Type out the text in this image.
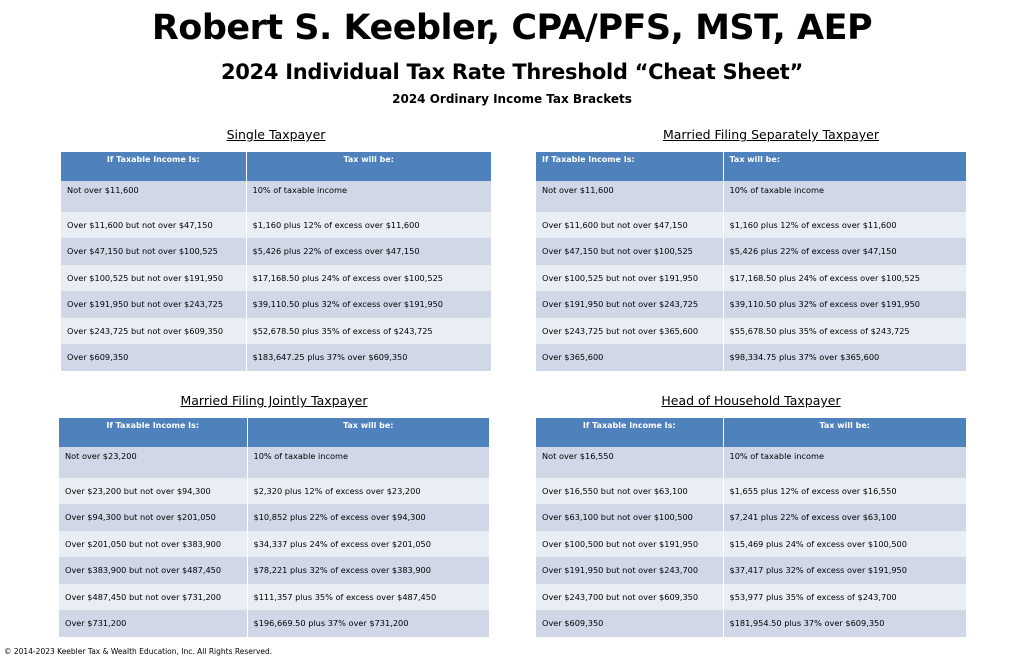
Robert S. Keebler, CPA/PFS, MST, AEP
2024 Individual Tax Rate Threshold “Cheat Sheet”
2024 Ordinary Income Tax Brackets
Single Taxpayer
If Taxable Income Is:	Tax will be:
Not over $11,600	10% of taxable income
Over $11,600 but not over $47,150	$1,160 plus 12% of excess over $11,600
Over $47,150 but not over $100,525	$5,426 plus 22% of excess over $47,150
Over $100,525 but not over $191,950	$17,168.50 plus 24% of excess over $100,525
Over $191,950 but not over $243,725	$39,110.50 plus 32% of excess over $191,950
Over $243,725 but not over $609,350	$52,678.50 plus 35% of excess of $243,725
Over $609,350	$183,647.25 plus 37% over $609,350
Married Filing Separately Taxpayer
If Taxable Income Is:	Tax will be:
Not over $11,600	10% of taxable income
Over $11,600 but not over $47,150	$1,160 plus 12% of excess over $11,600
Over $47,150 but not over $100,525	$5,426 plus 22% of excess over $47,150
Over $100,525 but not over $191,950	$17,168.50 plus 24% of excess over $100,525
Over $191,950 but not over $243,725	$39,110.50 plus 32% of excess over $191,950
Over $243,725 but not over $365,600	$55,678.50 plus 35% of excess of $243,725
Over $365,600	$98,334.75 plus 37% over $365,600
Married Filing Jointly Taxpayer
If Taxable Income Is:	Tax will be:
Not over $23,200	10% of taxable income
Over $23,200 but not over $94,300	$2,320 plus 12% of excess over $23,200
Over $94,300 but not over $201,050	$10,852 plus 22% of excess over $94,300
Over $201,050 but not over $383,900	$34,337 plus 24% of excess over $201,050
Over $383,900 but not over $487,450	$78,221 plus 32% of excess over $383,900
Over $487,450 but not over $731,200	$111,357 plus 35% of excess over $487,450
Over $731,200	$196,669.50 plus 37% over $731,200
Head of Household Taxpayer
If Taxable Income Is:	Tax will be:
Not over $16,550	10% of taxable income
Over $16,550 but not over $63,100	$1,655 plus 12% of excess over $16,550
Over $63,100 but not over $100,500	$7,241 plus 22% of excess over $63,100
Over $100,500 but not over $191,950	$15,469 plus 24% of excess over $100,500
Over $191,950 but not over $243,700	$37,417 plus 32% of excess over $191,950
Over $243,700 but not over $609,350	$53,977 plus 35% of excess of $243,700
Over $609,350	$181,954.50 plus 37% over $609,350
© 2014-2023 Keebler Tax & Wealth Education, Inc. All Rights Reserved.
